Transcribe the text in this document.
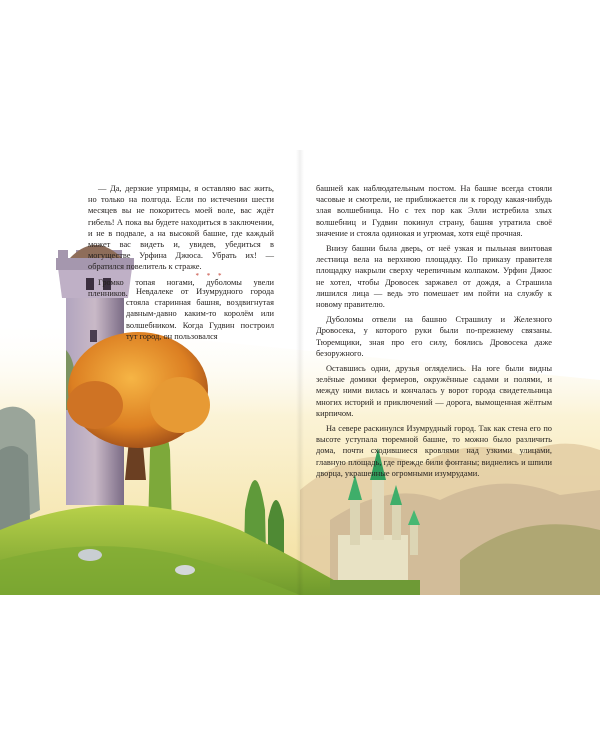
— Да, дерзкие упрямцы, я оставляю вас жить, но только на полгода. Если по истечении шести месяцев вы не покоритесь моей воле, вас ждёт гибель! А пока вы будете находиться в заключении, и не в подвале, а на высокой башне, где каждый может вас видеть и, увидев, убедиться в могуществе Урфина Джюса. Убрать их! — обратился повелитель к страже.

Громко топая ногами, дуболомы увели пленников.

* * *

Невдалеке от Изумрудного города стояла старинная башня, воздвигнутая давным-давно каким-то королём или волшебником. Когда Гудвин построил тут город, он пользовался

башней как наблюдательным постом. На башне всегда стояли часовые и смотрели, не приближается ли к городу какая-нибудь злая волшебница. Но с тех пор как Элли истребила злых волшебниц и Гудвин покинул страну, башня утратила своё значение и стояла одинокая и угрюмая, хотя ещё прочная.

Внизу башни была дверь, от неё узкая и пыльная винтовая лестница вела на верхнюю площадку. По приказу правителя площадку накрыли сверху черепичным колпаком. Урфин Джюс не хотел, чтобы Дровосек заржавел от дождя, а Страшила лишился лица — ведь это помешает им пойти на службу к новому правителю.

Дуболомы отвели на башню Страшилу и Железного Дровосека, у которого руки были по-прежнему связаны. Тюремщики, зная про его силу, боялись Дровосека даже безоружного.

Оставшись одни, друзья огляделись. На юге были видны зелёные домики фермеров, окружённые садами и полями, и между ними вилась и кончалась у ворот города свидетельница многих историй и приключений — дорога, вымощенная жёлтым кирпичом.

На севере раскинулся Изумрудный город. Так как стена его по высоте уступала тюремной башне, то можно было различить дома, почти сходившиеся кровлями над узкими улицами, главную площадь, где прежде били фонтаны; виднелись и шпили дворца, украшенные огромными изумрудами.
